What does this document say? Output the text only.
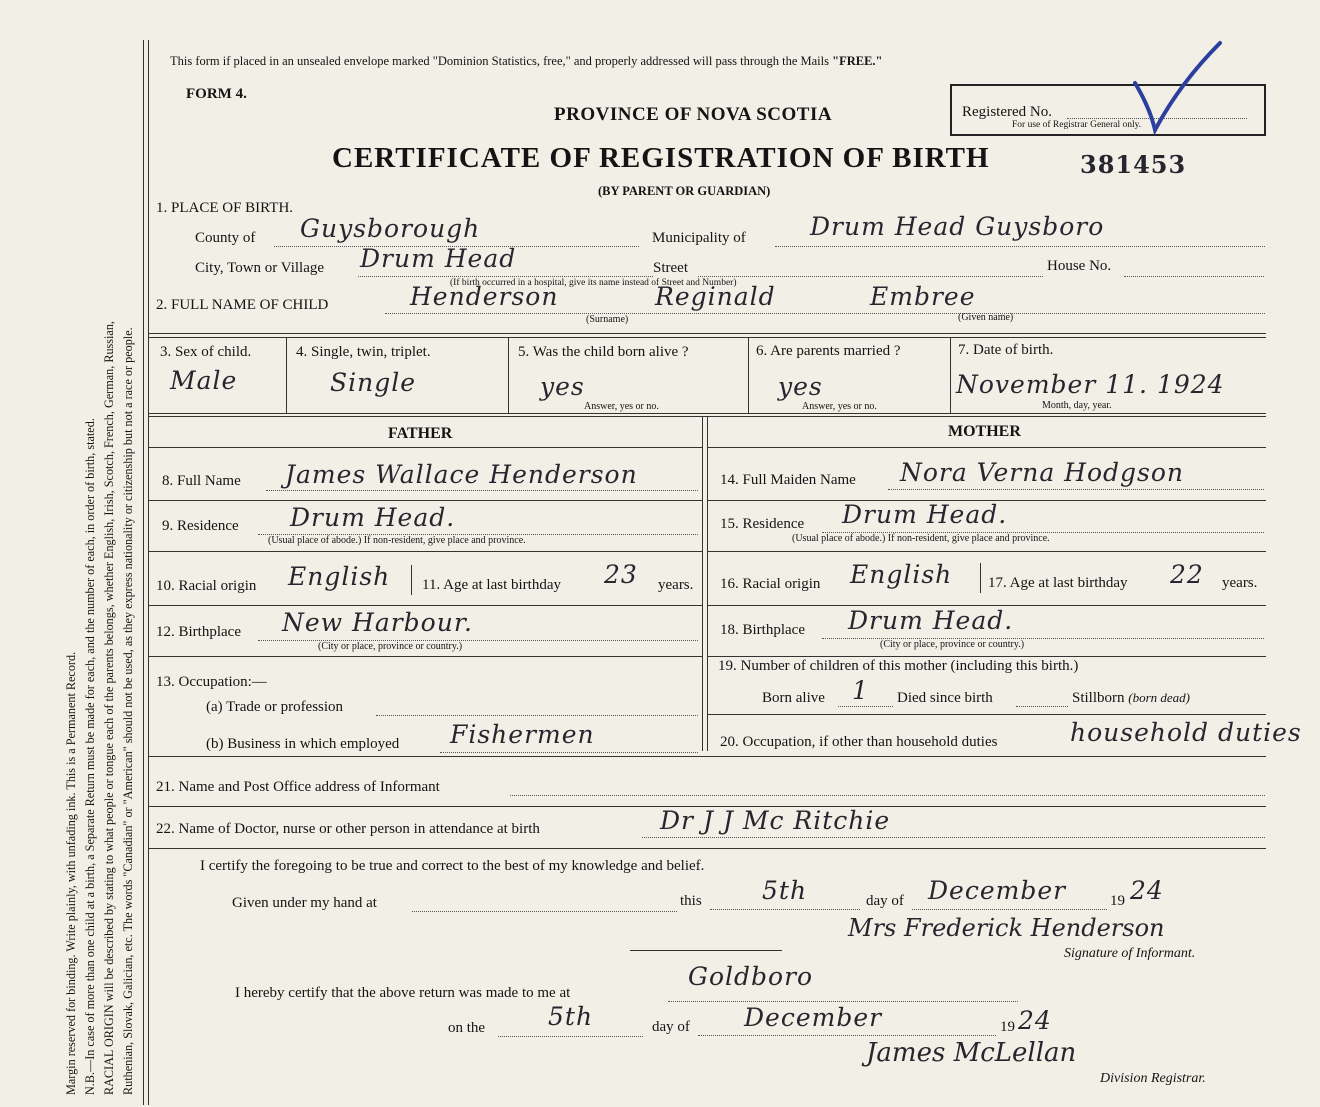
Margin reserved for binding. Write plainly, with unfading ink. This is a Permanent Record. N.B.—In case of more than one child at a birth, a Separate Return must be made for each, and the number of each, in order of birth, stated. RACIAL ORIGIN will be described by stating to what people or tongue each of the parents belongs, whether English, Irish, Scotch, French, German, Russian, Ruthenian, Slovak, Galician, etc. The words "Canadian" or "American" should not be used, as they express nationality or citizenship but not a race or people.
This form if placed in an unsealed envelope marked "Dominion Statistics, free," and properly addressed will pass through the Mails "FREE."
FORM 4.
PROVINCE OF NOVA SCOTIA	Registered No.
For use of Registrar General only.
CERTIFICATE OF REGISTRATION OF BIRTH	381453
(BY PARENT OR GUARDIAN)
1. PLACE OF BIRTH.
County of Guysborough	Municipality of	Drum Head Guysboro
City, Town or Village Drum Head	Street	House No.
(If birth occurred in a hospital, give its name instead of Street and Number)
2. FULL NAME OF CHILD	Henderson	Reginald	Embree
(Surname)	(Given name)
3. Sex of child.
Male
4. Single, twin, triplet.
Single
5. Was the child born alive ?
yes
Answer, yes or no.
6. Are parents married ?
yes
Answer, yes or no.
7. Date of birth.
November 11. 1924
Month, day, year.
FATHER	MOTHER
8. Full Name James Wallace Henderson	14. Full Maiden Name Nora Verna Hodgson
9. Residence Drum Head.
(Usual place of abode.) If non-resident, give place and province.
15. Residence Drum Head.
(Usual place of abode.) If non-resident, give place and province.
10. Racial origin English 11. Age at last birthday 23 years. 16. Racial origin English 17. Age at last birthday 22 years.
12. Birthplace New Harbour.
(City or place, province or country.)
18. Birthplace Drum Head.
(City or place, province or country.)
13. Occupation:—
(a) Trade or profession
(b) Business in which employed Fishermen
19. Number of children of this mother (including this birth.)
Born alive 1 Died since birth	Stillborn (born dead)
20. Occupation, if other than household duties	household duties
21. Name and Post Office address of Informant
22. Name of Doctor, nurse or other person in attendance at birth	Dr J J Mc Ritchie
I certify the foregoing to be true and correct to the best of my knowledge and belief.
Given under my hand at	this 5th	day of December	19 24
Mrs Frederick Henderson
Signature of Informant.
I hereby certify that the above return was made to me at
Goldboro
on the	5th	day of December	19 24
James McLellan
Division Registrar.
